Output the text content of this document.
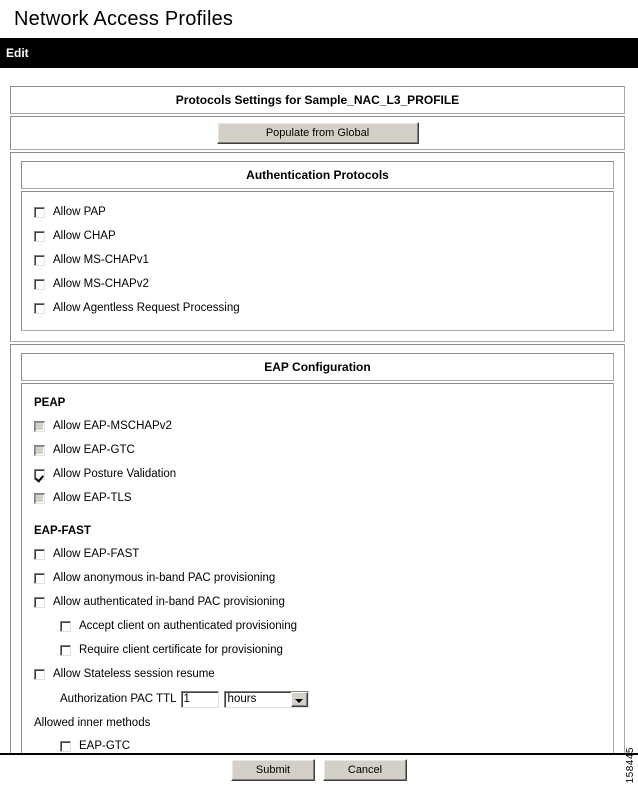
Network Access Profiles
Edit
Protocols Settings for Sample_NAC_L3_PROFILE
Populate from Global
Authentication Protocols
Allow PAP
Allow CHAP
Allow MS-CHAPv1
Allow MS-CHAPv2
Allow Agentless Request Processing
EAP Configuration
PEAP
Allow EAP-MSCHAPv2
Allow EAP-GTC
Allow Posture Validation
Allow EAP-TLS
EAP-FAST
Allow EAP-FAST
Allow anonymous in-band PAC provisioning
Allow authenticated in-band PAC provisioning
Accept client on authenticated provisioning
Require client certificate for provisioning
Allow Stateless session resume
Authorization PAC TTL
1	hours
Allowed inner methods
EAP-GTC
Submit	Cancel	158445
